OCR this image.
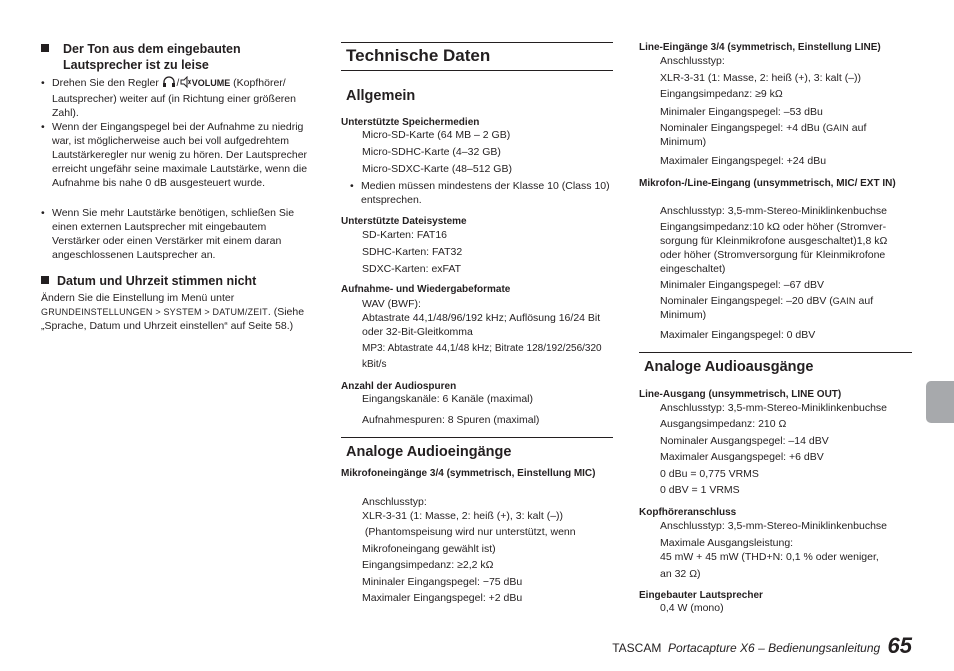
Der Ton aus dem eingebauten Lautsprecher ist zu leise
• Drehen Sie den Regler / VOLUME (Kopfhörer/ Lautsprecher) weiter auf (in Richtung einer größeren Zahl).
• Wenn der Eingangspegel bei der Aufnahme zu niedrig war, ist möglicherweise auch bei voll aufgedrehtem Lautstärkeregler nur wenig zu hören. Der Lautsprecher erreicht ungefähr seine maximale Lautstärke, wenn die Aufnahme bis nahe 0 dB ausgesteuert wurde.
• Wenn Sie mehr Lautstärke benötigen, schließen Sie einen externen Lautsprecher mit eingebautem Verstärker oder einen Verstärker mit einem daran angeschlossenen Lautsprecher an.
Datum und Uhrzeit stimmen nicht
Ändern Sie die Einstellung im Menü unter
GRUNDEINSTELLUNGEN > SYSTEM > DATUM/ZEIT. (Siehe „Sprache, Datum und Uhrzeit einstellen“ auf Seite 58.)
Technische Daten
Allgemein
Unterstützte Speichermedien
Micro-SD-Karte (64 MB – 2 GB)
Micro-SDHC-Karte (4–32 GB)
Micro-SDXC-Karte (48–512 GB)
• Medien müssen mindestens der Klasse 10 (Class 10) entsprechen.
Unterstützte Dateisysteme
SD-Karten: FAT16
SDHC-Karten: FAT32
SDXC-Karten: exFAT
Aufnahme- und Wiedergabeformate
WAV (BWF):
Abtastrate 44,1/48/96/192 kHz; Auflösung 16/24 Bit oder 32-Bit-Gleitkomma
MP3: Abtastrate 44,1/48 kHz; Bitrate 128/192/256/320 kBit/s
Anzahl der Audiospuren
Eingangskanäle: 6 Kanäle (maximal)
Aufnahmespuren: 8 Spuren (maximal)
Analoge Audioeingänge
Mikrofoneingänge 3/4 (symmetrisch, Einstellung MIC)
Anschlusstyp:
XLR-3-31 (1: Masse, 2: heiß (+), 3: kalt (–))
(Phantomspeisung wird nur unterstützt, wenn
Mikrofoneingang gewählt ist)
Eingangsimpedanz: ≥2,2 kΩ
Mininaler Eingangspegel: −75 dBu
Maximaler Eingangspegel: +2 dBu
Line-Eingänge 3/4 (symmetrisch, Einstellung LINE)
Anschlusstyp:
XLR-3-31 (1: Masse, 2: heiß (+), 3: kalt (–))
Eingangsimpedanz: ≥9 kΩ
Minimaler Eingangspegel: –53 dBu
Nominaler Eingangspegel: +4 dBu (GAIN auf Minimum)
Maximaler Eingangspegel: +24 dBu
Mikrofon-/Line-Eingang (unsymmetrisch, MIC/ EXT IN)
Anschlusstyp: 3,5-mm-Stereo-Miniklinkenbuchse
Eingangsimpedanz:10 kΩ oder höher (Stromver-sorgung für Kleinmikrofone ausgeschaltet)1,8 kΩ oder höher (Stromversorgung für Kleinmikrofone eingeschaltet)
Minimaler Eingangspegel: –67 dBV
Nominaler Eingangspegel: –20 dBV (GAIN auf Minimum)
Maximaler Eingangspegel: 0 dBV
Analoge Audioausgänge
Line-Ausgang (unsymmetrisch, LINE OUT)
Anschlusstyp: 3,5-mm-Stereo-Miniklinkenbuchse
Ausgangsimpedanz: 210 Ω
Nominaler Ausgangspegel: –14 dBV
Maximaler Ausgangspegel: +6 dBV
0 dBu = 0,775 VRMS
0 dBV = 1 VRMS
Kopfhöreranschluss
Anschlusstyp: 3,5-mm-Stereo-Miniklinkenbuchse
Maximale Ausgangsleistung:
45 mW + 45 mW (THD+N: 0,1 % oder weniger,
an 32 Ω)
Eingebauter Lautsprecher
0,4 W (mono)
TASCAM Portacapture X6 – Bedienungsanleitung 65
